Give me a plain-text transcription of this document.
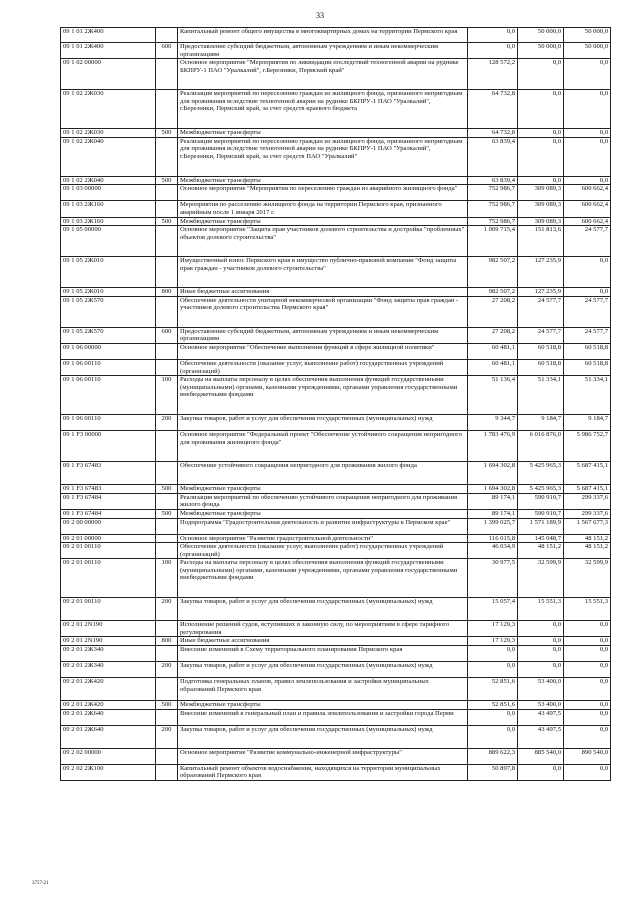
33
09 1 01 2Ж400		Капитальный ремонт общего имущества в многоквартирных домах на территории Пермского края	0,0	50 000,0	50 000,0
09 1 01 2Ж400	600	Предоставление субсидий бюджетным, автономным учреждениям и иным некоммерческим организациям	0,0	50 000,0	50 000,0
09 1 02 00000		Основное мероприятие "Мероприятия по ликвидации последствий техногенной аварии на руднике БКПРУ-1 ПАО "Уралкалий", г.Березники, Пермский край"	128 572,2	0,0	0,0
09 1 02 2Ж030		Реализация мероприятий по переселению граждан из жилищного фонда, признанного непригодным для проживания вследствие техногенной аварии на руднике БКПРУ-1 ПАО "Уралкалий", г.Березники, Пермский край, за счет средств краевого бюджета	64 732,8	0,0	0,0
09 1 02 2Ж030	500	Межбюджетные трансферты	64 732,8	0,0	0,0
09 1 02 2Ж040		Реализация мероприятий по переселению граждан из жилищного фонда, признанного непригодным для проживания вследствие техногенной аварии на руднике БКПРУ-1 ПАО "Уралкалий", г.Березники, Пермский край, за счет средств ПАО "Уралкалий"	63 839,4	0,0	0,0
09 1 02 2Ж040	500	Межбюджетные трансферты	63 839,4	0,0	0,0
09 1 03 00000		Основное мероприятие "Мероприятия по переселению граждан из аварийного жилищного фонда"	752 986,7	309 089,3	600 662,4
09 1 03 2Ж160		Мероприятия по расселению жилищного фонда на территории Пермского края, признанного аварийным после 1 января 2017 г.	752 986,7	309 089,3	600 662,4
09 1 03 2Ж160	500	Межбюджетные трансферты	752 986,7	309 089,3	600 662,4
09 1 05 00000		Основное мероприятие "Защита прав участников долевого строительства и достройка "проблемных" объектов долевого строительства"	1 009 715,4	151 813,6	24 577,7
09 1 05 2Ж010		Имущественный взнос Пермского края в имущество публично-правовой компании "Фонд защиты прав граждан - участников долевого строительства"	982 507,2	127 235,9	0,0
09 1 05 2Ж010	800	Иные бюджетные ассигнования	982 507,2	127 235,9	0,0
09 1 05 2Ж570		Обеспечение деятельности унитарной некоммерческой организации "Фонд защиты прав граждан - участников долевого строительства Пермского края"	27 208,2	24 577,7	24 577,7
09 1 05 2Ж570	600	Предоставление субсидий бюджетным, автономным учреждениям и иным некоммерческим организациям	27 208,2	24 577,7	24 577,7
09 1 06 00000		Основное мероприятие "Обеспечение выполнения функций в сфере жилищной политики"	60 481,1	60 518,8	60 518,8
09 1 06 00110		Обеспечение деятельности (оказание услуг, выполнение работ) государственных учреждений (организаций)	60 481,1	60 518,8	60 518,8
09 1 06 00110	100	Расходы на выплаты персоналу в целях обеспечения выполнения функций государственными (муниципальными) органами, казенными учреждениями, органами управления государственными внебюджетными фондами	51 136,4	51 334,1	51 334,1
09 1 06 00110	200	Закупка товаров, работ и услуг для обеспечения государственных (муниципальных) нужд	9 344,7	9 184,7	9 184,7
09 1 F3 00000		Основное мероприятие "Федеральный проект "Обеспечение устойчивого сокращения непригодного для проживания жилищного фонда"	1 783 476,9	6 016 876,0	5 986 752,7
09 1 F3 67483		Обеспечение устойчивого сокращения непригодного для проживания жилого фонда	1 694 302,8	5 425 965,3	5 687 415,1
09 1 F3 67483	500	Межбюджетные трансферты	1 694 302,8	5 425 965,3	5 687 415,1
09 1 F3 67484		Реализация мероприятий по обеспечению устойчивого сокращения непригодного для проживания жилого фонда	89 174,1	590 910,7	299 337,6
09 1 F3 67484	500	Межбюджетные трансферты	89 174,1	590 910,7	299 337,6
09 2 00 00000		Подпрограмма "Градостроительная деятельность и развитие инфраструктуры в Пермском крае"	1 399 025,7	1 571 189,9	1 567 677,3
09 2 01 00000		Основное мероприятие "Развитие градостроительной деятельности"	116 015,8	145 048,7	48 151,2
09 2 01 00110		Обеспечение деятельности (оказание услуг, выполнение работ) государственных учреждений (организаций)	46 034,9	48 151,2	48 151,2
09 2 01 00110	100	Расходы на выплаты персоналу в целях обеспечения выполнения функций государственными (муниципальными) органами, казенными учреждениями, органами управления государственными внебюджетными фондами	30 977,5	32 599,9	32 599,9
09 2 01 00110	200	Закупка товаров, работ и услуг для обеспечения государственных (муниципальных) нужд	15 057,4	15 551,3	15 551,3
09 2 01 2N190		Исполнение решений судов, вступивших в законную силу, по мероприятиям в сфере тарифного регулирования	17 129,3	0,0	0,0
09 2 01 2N190	800	Иные бюджетные ассигнования	17 129,3	0,0	0,0
09 2 01 2Ж340		Внесение изменений в Схему территориального планирования Пермского края	0,0	0,0	0,0
09 2 01 2Ж340	200	Закупка товаров, работ и услуг для обеспечения государственных (муниципальных) нужд	0,0	0,0	0,0
09 2 01 2Ж420		Подготовка генеральных планов, правил землепользования и застройки муниципальных образований Пермского края	52 851,6	53 400,0	0,0
09 2 01 2Ж420	500	Межбюджетные трансферты	52 851,6	53 400,0	0,0
09 2 01 2Ж640		Внесение изменений в генеральный план и правила землепользования и застройки города Перми	0,0	43 497,5	0,0
09 2 01 2Ж640	200	Закупка товаров, работ и услуг для обеспечения государственных (муниципальных) нужд	0,0	43 497,5	0,0
09 2 02 00000		Основное мероприятие "Развитие коммунально-инженерной инфраструктуры"	889 622,3	885 540,0	890 540,0
09 2 02 2Ж100		Капитальный ремонт объектов водоснабжения, находящихся на территории муниципальных образований Пермского края	50 897,8	0,0	0,0
3757-21
